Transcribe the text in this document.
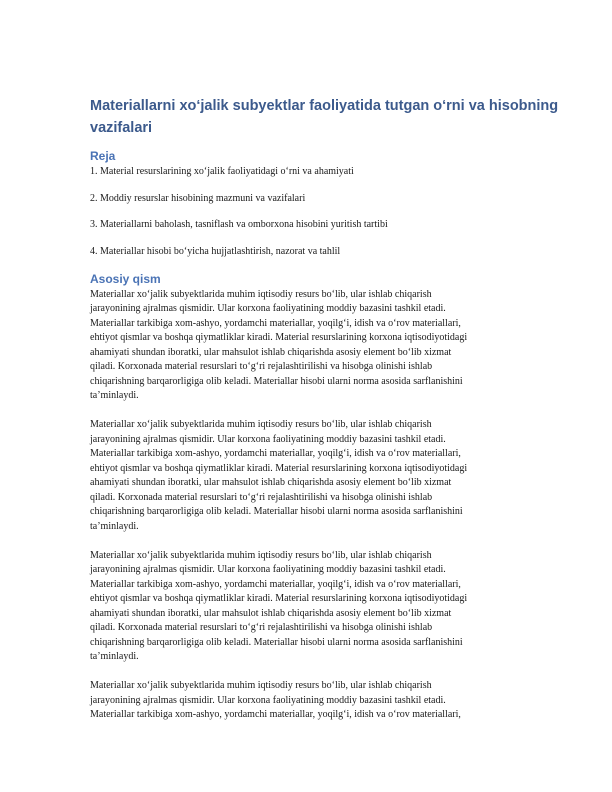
Materiallarni xo‘jalik subyektlar faoliyatida tutgan o‘rni va hisobning
vazifalari
Reja

1. Material resurslarining xo‘jalik faoliyatidagi o‘rni va ahamiyati

2. Moddiy resurslar hisobining mazmuni va vazifalari

3. Materiallarni baholash, tasniflash va omborxona hisobini yuritish tartibi

4. Materiallar hisobi bo‘yicha hujjatlashtirish, nazorat va tahlil

Asosiy qism

Materiallar xo‘jalik subyektlarida muhim iqtisodiy resurs bo‘lib, ular ishlab chiqarish
jarayonining ajralmas qismidir. Ular korxona faoliyatining moddiy bazasini tashkil etadi.
Materiallar tarkibiga xom-ashyo, yordamchi materiallar, yoqilg‘i, idish va o‘rov materiallari,
ehtiyot qismlar va boshqa qiymatliklar kiradi. Material resurslarining korxona iqtisodiyotidagi
ahamiyati shundan iboratki, ular mahsulot ishlab chiqarishda asosiy element bo‘lib xizmat
qiladi. Korxonada material resurslari to‘g‘ri rejalashtirilishi va hisobga olinishi ishlab
chiqarishning barqarorligiga olib keladi. Materiallar hisobi ularni norma asosida sarflanishini
ta’minlaydi.

Materiallar xo‘jalik subyektlarida muhim iqtisodiy resurs bo‘lib, ular ishlab chiqarish
jarayonining ajralmas qismidir. Ular korxona faoliyatining moddiy bazasini tashkil etadi.
Materiallar tarkibiga xom-ashyo, yordamchi materiallar, yoqilg‘i, idish va o‘rov materiallari,
ehtiyot qismlar va boshqa qiymatliklar kiradi. Material resurslarining korxona iqtisodiyotidagi
ahamiyati shundan iboratki, ular mahsulot ishlab chiqarishda asosiy element bo‘lib xizmat
qiladi. Korxonada material resurslari to‘g‘ri rejalashtirilishi va hisobga olinishi ishlab
chiqarishning barqarorligiga olib keladi. Materiallar hisobi ularni norma asosida sarflanishini
ta’minlaydi.

Materiallar xo‘jalik subyektlarida muhim iqtisodiy resurs bo‘lib, ular ishlab chiqarish
jarayonining ajralmas qismidir. Ular korxona faoliyatining moddiy bazasini tashkil etadi.
Materiallar tarkibiga xom-ashyo, yordamchi materiallar, yoqilg‘i, idish va o‘rov materiallari,
ehtiyot qismlar va boshqa qiymatliklar kiradi. Material resurslarining korxona iqtisodiyotidagi
ahamiyati shundan iboratki, ular mahsulot ishlab chiqarishda asosiy element bo‘lib xizmat
qiladi. Korxonada material resurslari to‘g‘ri rejalashtirilishi va hisobga olinishi ishlab
chiqarishning barqarorligiga olib keladi. Materiallar hisobi ularni norma asosida sarflanishini
ta’minlaydi.

Materiallar xo‘jalik subyektlarida muhim iqtisodiy resurs bo‘lib, ular ishlab chiqarish
jarayonining ajralmas qismidir. Ular korxona faoliyatining moddiy bazasini tashkil etadi.
Materiallar tarkibiga xom-ashyo, yordamchi materiallar, yoqilg‘i, idish va o‘rov materiallari,
